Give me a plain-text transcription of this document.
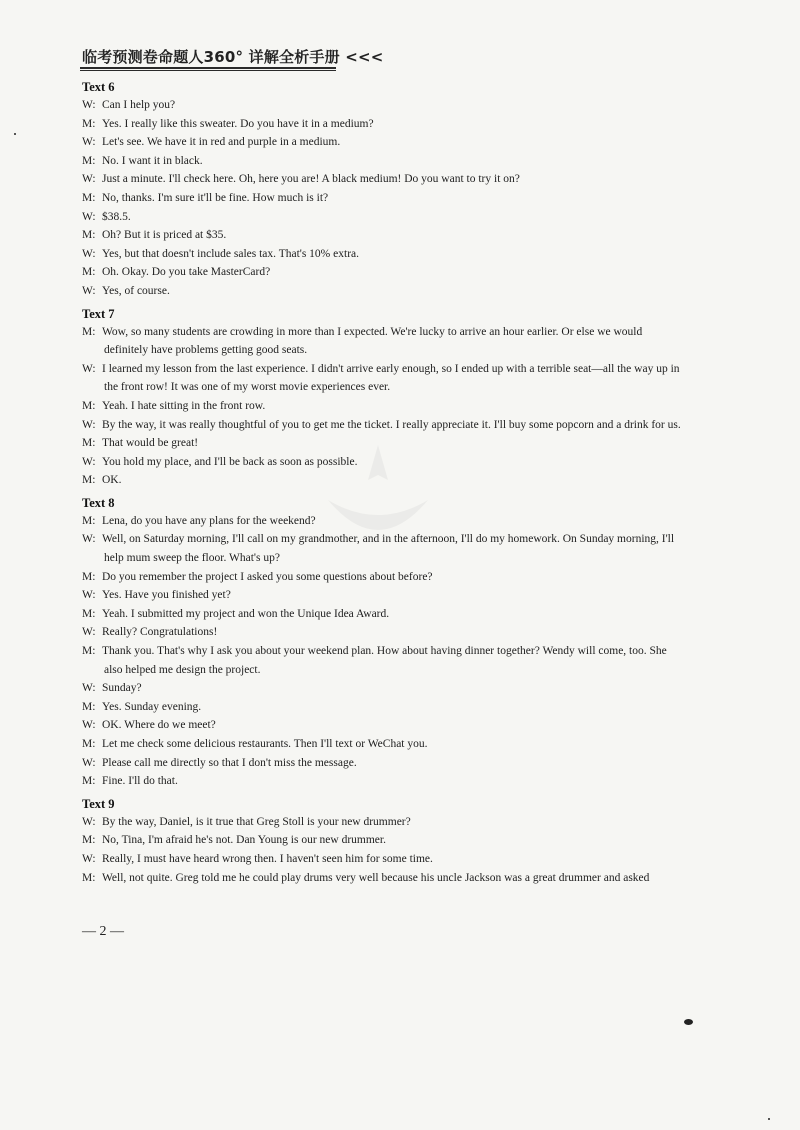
临考预测卷命题人360° 详解全析手册 <<<
Text 6

W: Can I help you?

M: Yes. I really like this sweater. Do you have it in a medium?

W: Let's see. We have it in red and purple in a medium.

M: No. I want it in black.

W: Just a minute. I'll check here. Oh, here you are! A black medium! Do you want to try it on?

M: No, thanks. I'm sure it'll be fine. How much is it?

W: $38.5.

M: Oh? But it is priced at $35.

W: Yes, but that doesn't include sales tax. That's 10% extra.

M: Oh. Okay. Do you take MasterCard?

W: Yes, of course.

Text 7

M: Wow, so many students are crowding in more than I expected. We're lucky to arrive an hour earlier. Or else we would definitely have problems getting good seats.

W: I learned my lesson from the last experience. I didn't arrive early enough, so I ended up with a terrible seat—all the way up in the front row! It was one of my worst movie experiences ever.

M: Yeah. I hate sitting in the front row.

W: By the way, it was really thoughtful of you to get me the ticket. I really appreciate it. I'll buy some popcorn and a drink for us.

M: That would be great!

W: You hold my place, and I'll be back as soon as possible.

M: OK.

Text 8

M: Lena, do you have any plans for the weekend?

W: Well, on Saturday morning, I'll call on my grandmother, and in the afternoon, I'll do my homework. On Sunday morning, I'll help mum sweep the floor. What's up?

M: Do you remember the project I asked you some questions about before?

W: Yes. Have you finished yet?

M: Yeah. I submitted my project and won the Unique Idea Award.

W: Really? Congratulations!

M: Thank you. That's why I ask you about your weekend plan. How about having dinner together? Wendy will come, too. She also helped me design the project.

W: Sunday?

M: Yes. Sunday evening.

W: OK. Where do we meet?

M: Let me check some delicious restaurants. Then I'll text or WeChat you.

W: Please call me directly so that I don't miss the message.

M: Fine. I'll do that.

Text 9

W: By the way, Daniel, is it true that Greg Stoll is your new drummer?

M: No, Tina, I'm afraid he's not. Dan Young is our new drummer.

W: Really, I must have heard wrong then. I haven't seen him for some time.

M: Well, not quite. Greg told me he could play drums very well because his uncle Jackson was a great drummer and asked

— 2 —
